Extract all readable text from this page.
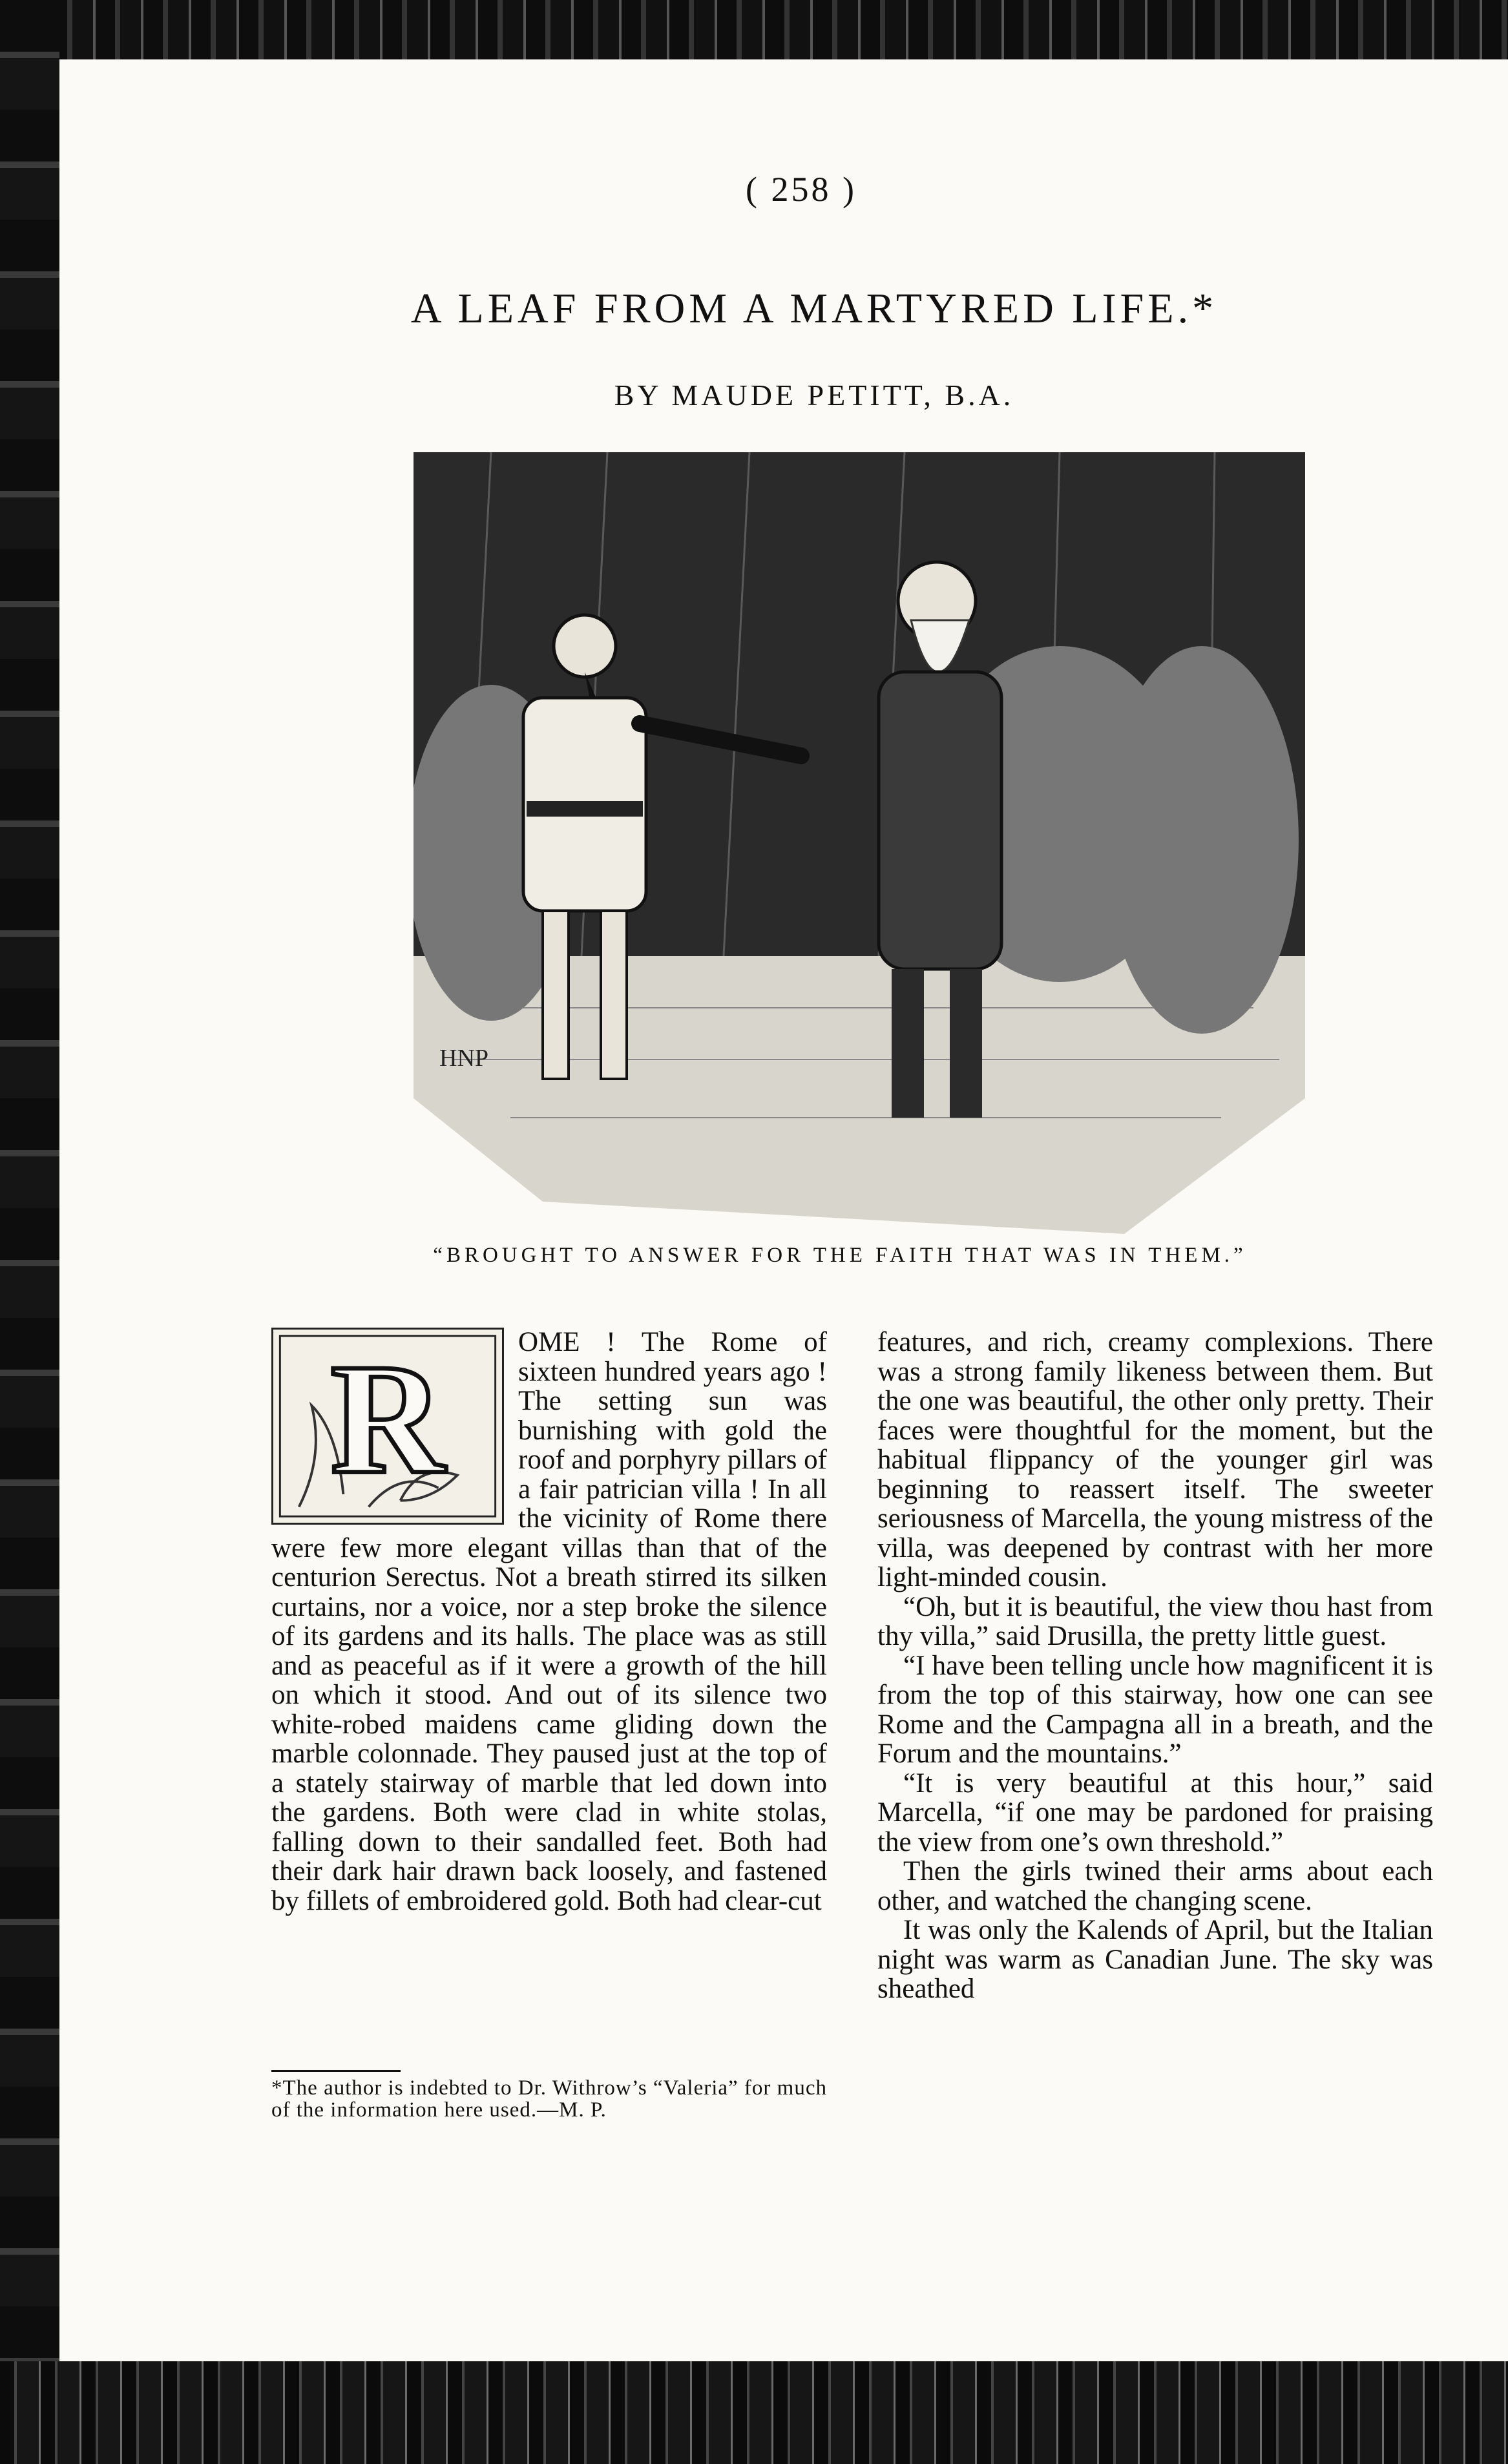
( 258 )
A LEAF FROM A MARTYRED LIFE.*
BY MAUDE PETITT, B.A.
HNP
“BROUGHT TO ANSWER FOR THE FAITH THAT WAS IN THEM.”
R	OME ! The Rome of sixteen hundred years ago ! The setting sun was burnishing with gold the roof and porphyry pillars of a fair patrician villa ! In all the vicinity of Rome there were few more elegant villas than that of the centurion Serectus. Not a breath stirred its silken curtains, nor a voice, nor a step broke the silence of its gardens and its halls. The place was as still and as peaceful as if it were a growth of the hill on which it stood. And out of its silence two white-robed maidens came gliding down the marble colonnade. They paused just at the top of a stately stairway of marble that led down into the gardens. Both were clad in white stolas, falling down to their sandalled feet. Both had their dark hair drawn back loosely, and fastened by fillets of embroidered gold. Both had clear-cut

features, and rich, creamy complexions. There was a strong family likeness between them. But the one was beautiful, the other only pretty. Their faces were thoughtful for the moment, but the habitual flippancy of the younger girl was beginning to reassert itself. The sweeter seriousness of Marcella, the young mistress of the villa, was deepened by contrast with her more light-minded cousin.

“Oh, but it is beautiful, the view thou hast from thy villa,” said Drusilla, the pretty little guest.

“I have been telling uncle how magnificent it is from the top of this stairway, how one can see Rome and the Campagna all in a breath, and the Forum and the mountains.”

“It is very beautiful at this hour,” said Marcella, “if one may be pardoned for praising the view from one’s own threshold.”

Then the girls twined their arms about each other, and watched the changing scene.

It was only the Kalends of April, but the Italian night was warm as Canadian June. The sky was sheathed

*The author is indebted to Dr. Withrow’s “Valeria” for much of the information here used.—M. P.
